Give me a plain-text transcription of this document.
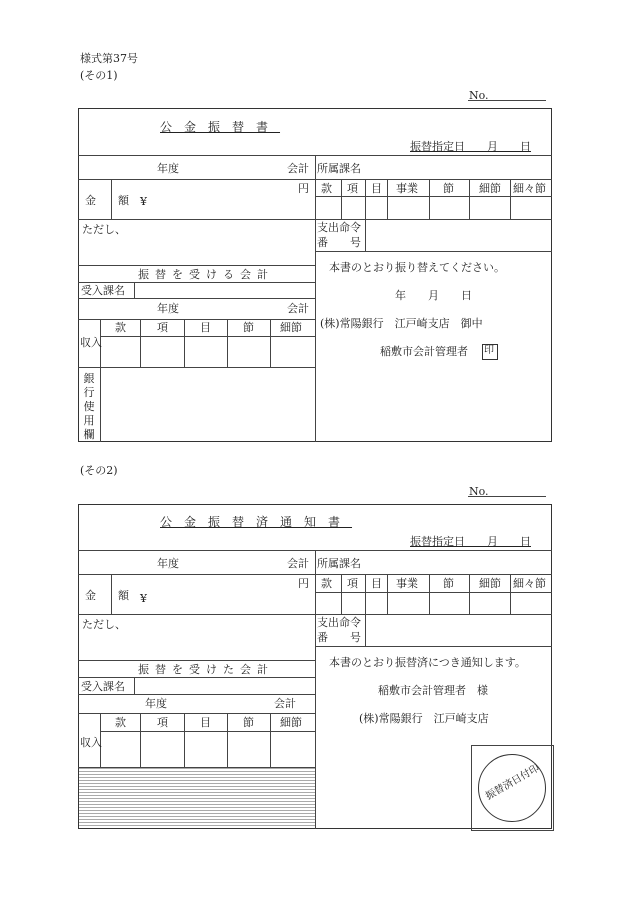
様式第37号
(その1)
No.
公金振替書
振替指定日　　月　　日
年度	会計 所属課名
円
金　　額 ¥
款 項 目 事業 節 細節 細々節
ただし、	支出命令
番　　号
振替を受ける会計
受入課名
年度	会計
款	項	目	節 細節
収入
銀行使用欄
本書のとおり振り替えてください。
年　　月　　日
(株)常陽銀行　江戸崎支店　御中
稲敷市会計管理者 印
(その2)
No.
公金振替済通知書
振替指定日　　月　　日
年度	会計 所属課名
円
金　　額 ¥
款 項 目 事業 節 細節 細々節
ただし、	支出命令
番　　号
振替を受けた会計
受入課名
年度	会計
款	項	目	節 細節
収入
本書のとおり振替済につき通知します。
稲敷市会計管理者　様
(株)常陽銀行　江戸崎支店
振替済日付印
